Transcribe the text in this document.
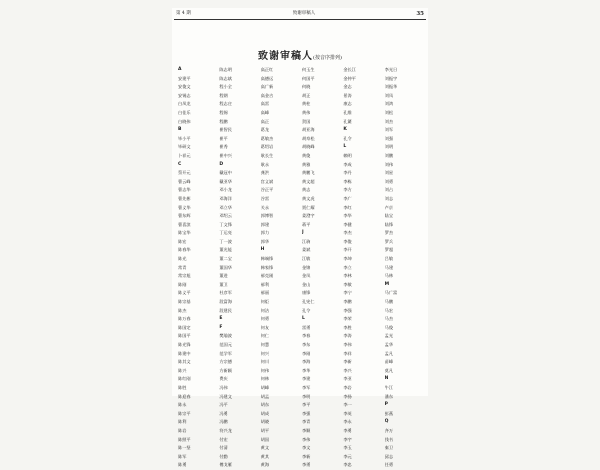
第 4 期	致谢审稿人	35
致谢审稿人(按音序排列)
A
安建平
安俊文
安锡志
白凤龙
白佳乐
白晓伟
B
毕小平
毕研文
卜祥元
C
蔡开元
曹云峰
曹志华
曹先彬
曹义华
曹东辉
曹喜滨
陈宝华
陈宏
陈春华
陈光
常青
常宗旭
陈刚
陈义平
陈宗基
陈杰
陈万春
陈国定
陈国平
陈光锋
陈建中
陈其文
陈兴
陈红刚
陈胜
陈迎春
陈永
陈宗平
陈利
陈岩
陈照平
陈一坚
陈军
陈勇
陈志明
陈志斌
程小全
程钢
程志庄
程锡
程鹏
崔智民
崔平
崔秀
崔中兴
D
戴冠中
戴亚华
邓小龙
邓海洋
邓立华
邓绍云
丁文锋
丁运亮
丁一波
董光能
董二宝
董国华
董进
董卫
杜彦军
段富海
段建民
E
F
樊瑜波
范国元
范学军
方宗德
方新颖
费庆
冯伟
冯建文
冯平
冯勇
冯鹏
符兴龙
付宏
付清
付勤
傅戈雁
高正红
高德远
高广新
高金吉
高雷
高峰
高正
葛龙
葛敏杰
葛绍岩
耿长生
耿永
龚洪
宫义斌
谷正平
谷雷
关永
郭博智
郭建
郭力
郭华
H
韩端锋
韩家锋
郝克刚
郝利
郝丽
何炬
何洁
何勇
何友
何仁
何慧
何兴
何川
何伟
何林
胡峰
胡孟
胡东
胡成
胡晓
胡平
胡国
黄文
黄其
黄海
何玉生
何国平
何晓
胡正
黄柱
黄伟
贺国
胡亚海
胡寿松
胡晓峰
黄俊
黄雅
黄鹏飞
黄文超
黄志
黄文虎
贾仁耀
姜澄宇
蒋平
J
江驹
姜斌
江敏
金锦
金凤
金山
康锋
孔宪仁
孔令
L
雷勇
李春
李东
李刚
李海
李华
李建
李军
李明
李平
李强
李青
李顺
李伟
李文
李新
李勇
金长江
金仲平
金志
景涛
康志
孔维
孔繁
K
孔令
L
赖明
李成
李丹
李栋
李方
李广
李红
李华
李健
李杰
李俊
李开
李坤
李立
李林
李敏
李宁
李鹏
李强
李荣
李胜
李涛
李伟
李祥
李新
李兴
李亚
李岩
李扬
李一
李英
李永
李勇
李宇
李玉
李元
李忠
李光日
刘振宇
刘振华
刘凤
刘鸿
刘松
刘杰
刘军
刘强
刘明
刘鹏
刘伟
刘星
刘勇
刘占
刘志
卢京
陆宝
陆锋
罗杰
罗兵
罗超
吕敏
马建
马林
M
马广富
马鹏
马宏
马杰
马俊
孟光
孟华
孟凡
苗峰
莫凡
N
牛江
潘东
P
彭燕
Q
齐万
钱书
秦卫
邱志
任勇
